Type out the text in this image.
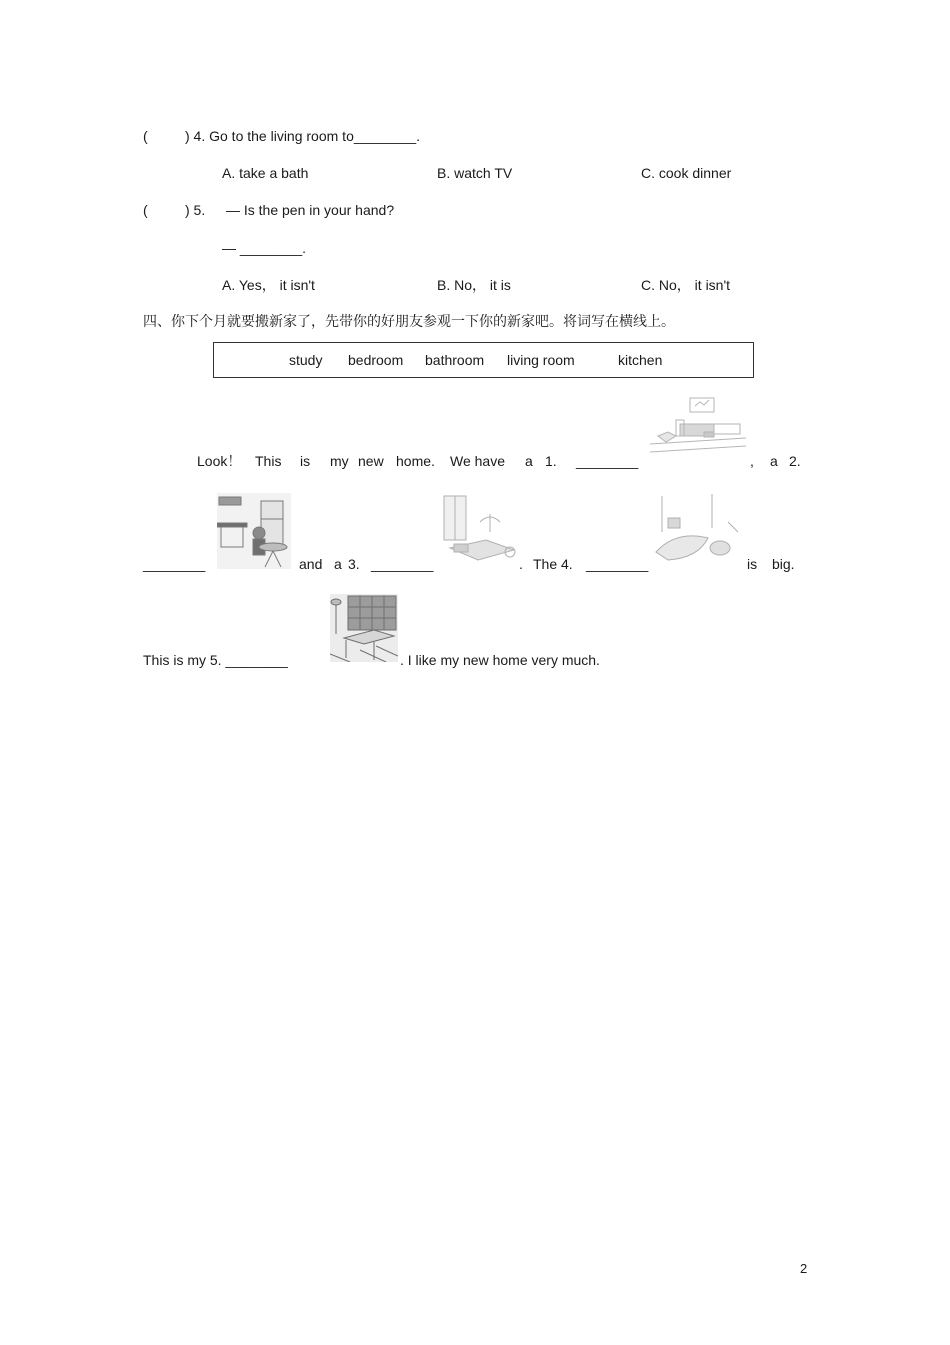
(	) 4. Go to the living room to________.
A. take a bath	B. watch TV	C. cook dinner
(	) 5. — Is the pen in your hand?
— ________.
A. Yes， it isn't	B. No， it is	C. No， it isn't
四、你下个月就要搬新家了，先带你的好朋友参观一下你的新家吧。将词写在横线上。
study bedroom bathroom living room	kitchen
Look！ This is my new home. We have a 1. ________	, a 2.
________	and a 3. ________	. The 4. ________	is big.
This is my 5. ________	. I like my new home very much.
2
